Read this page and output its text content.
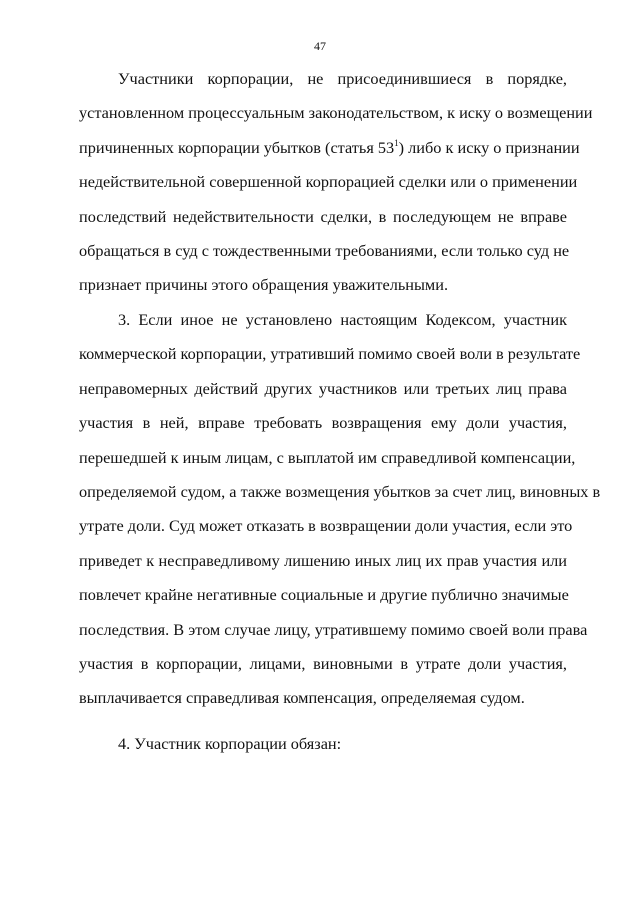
47
Участники корпорации, не присоединившиеся в порядке,
установленном процессуальным законодательством, к иску о возмещении
причиненных корпорации убытков (статья $53^1$) либо к иску о признании
недействительной совершенной корпорацией сделки или о применении
последствий недействительности сделки, в последующем не вправе
обращаться в суд с тождественными требованиями, если только суд не
признает причины этого обращения уважительными.
3. Если иное не установлено настоящим Кодексом, участник
коммерческой корпорации, утративший помимо своей воли в результате
неправомерных действий других участников или третьих лиц права
участия в ней, вправе требовать возвращения ему доли участия,
перешедшей к иным лицам, с выплатой им справедливой компенсации,
определяемой судом, а также возмещения убытков за счет лиц, виновных в
утрате доли. Суд может отказать в возвращении доли участия, если это
приведет к несправедливому лишению иных лиц их прав участия или
повлечет крайне негативные социальные и другие публично значимые
последствия. В этом случае лицу, утратившему помимо своей воли права
участия в корпорации, лицами, виновными в утрате доли участия,
выплачивается справедливая компенсация, определяемая судом.
4. Участник корпорации обязан:
